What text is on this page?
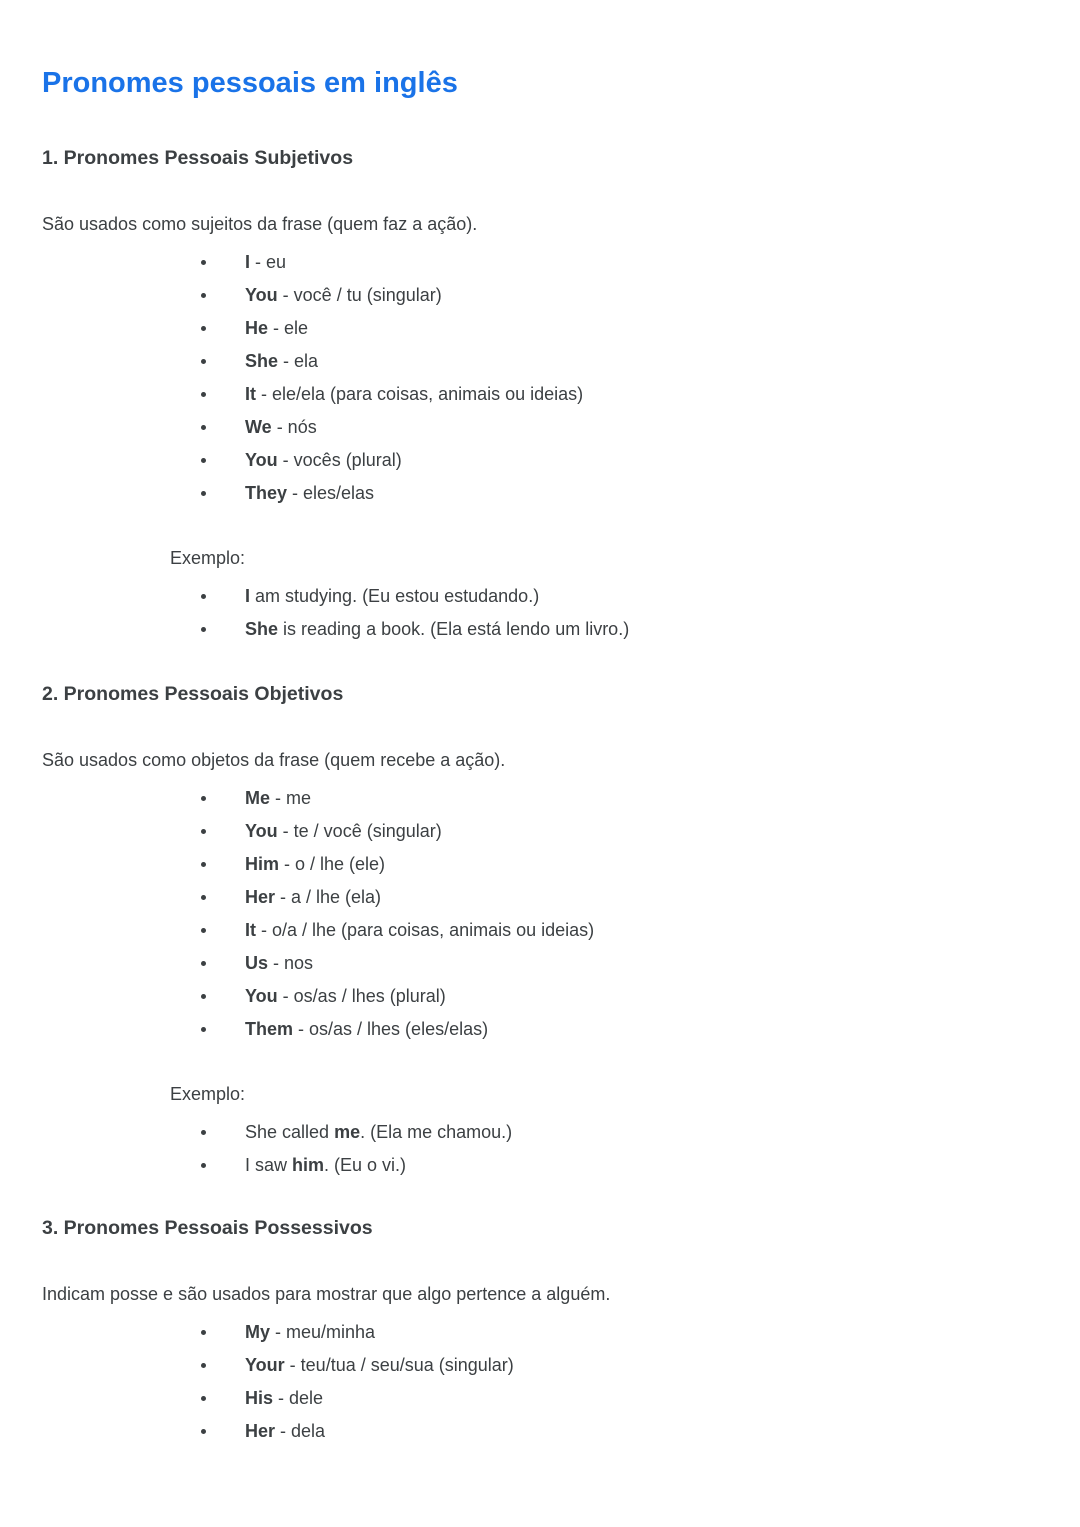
Pronomes pessoais em inglês
1. Pronomes Pessoais Subjetivos

São usados como sujeitos da frase (quem faz a ação).

I - eu
You - você / tu (singular)
He - ele
She - ela
It - ele/ela (para coisas, animais ou ideias)
We - nós
You - vocês (plural)
They - eles/elas

Exemplo:

I am studying. (Eu estou estudando.)
She is reading a book. (Ela está lendo um livro.)
2. Pronomes Pessoais Objetivos

São usados como objetos da frase (quem recebe a ação).

Me - me
You - te / você (singular)
Him - o / lhe (ele)
Her - a / lhe (ela)
It - o/a / lhe (para coisas, animais ou ideias)
Us - nos
You - os/as / lhes (plural)
Them - os/as / lhes (eles/elas)

Exemplo:

She called me. (Ela me chamou.)
I saw him. (Eu o vi.)
3. Pronomes Pessoais Possessivos

Indicam posse e são usados para mostrar que algo pertence a alguém.

My - meu/minha
Your - teu/tua / seu/sua (singular)
His - dele
Her - dela
